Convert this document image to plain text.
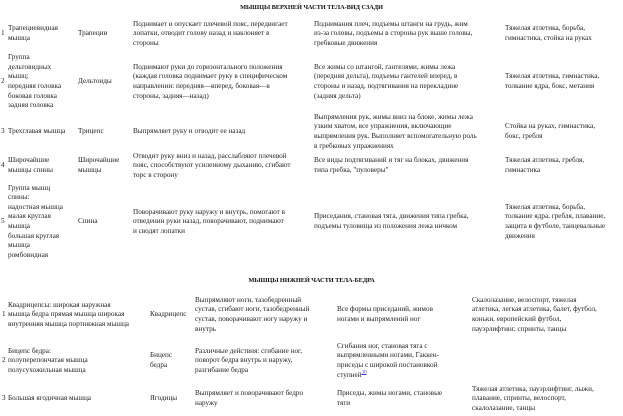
МЫШЦЫ ВЕРХНЕЙ ЧАСТИ ТЕЛА-ВИД СЗАДИ
1
Трапециевидная
мышца
Трапеции
Поднимает и опускает плечевой пояс, передвигает
лопатки, отводит голову назад и наклоняет в
стороны
Поднимания плеч, подъемы штанги на грудь, жим
из-за головы, подъемы в стороны рук выше головы,
гребковые движения
Тяжелая атлетика, борьба,
гимнастика, стойка на руках
2
Группа
дельтовидных
мышц:
передняя головка
боковая головка
задняя головка
Дельтоиды
Поднимают руки до горизонтального положения
(каждая головка поднимает руку в специфическом
направлении: передняя—вперед, боковая—в
стороны, задняя—назад)
Все жимы со штангой, гантелями, жимы лежа
(передняя дельта), подъемы гантелей вперед, в
стороны и назад, подтягивания на перекладине
(задняя дельта)
Тяжелая атлетика, гимнастика,
толкание ядра, бокс, метания
3 Трехглавая мышца Трицепс	Выпрямляет руку и отводит ее назад
Выпрямления рук, жимы вниз на блоке, жимы лежа
узким хватом, все упражнения, включающие
выпрямления рук. Выполняет вспомогательную роль
в гребковых упражнениях
Стойка на руках, гимнастика,
бокс, гребля
4
Широчайшие
мышцы спины
Широчайшие
мышцы
Отводит руку вниз и назад, расслабляют плечевой
пояс, способствуют усиленному дыханию, сгибают
торс в сторону
Все виды подтягиваний и тяг на блоках, движения
типа гребка, "пуловеры"
Тяжелая атлетика, гребля,
гимнастика
5
Группа мышц
спины:
надостная мышца
малая круглая
мышца
большая круглая
мышца
ромбовидная
Спина
Поворачивают руку наружу и внутрь, помогают в
отведении руки назад, поворачивают, поднимают
и сводят лопатки
Приседания, становая тяга, движения типа гребка,
подъемы туловища из положения лежа ничком
Тяжелая атлетика, борьба,
толкание ядра, гребля, плавание,
защита в футболе, танцевальные
движения
МЫШЦЫ НИЖНЕЙ ЧАСТИ ТЕЛА-БЕДРА
1
Квадрицепсы: широкая наружная
мышца бедра прямая мышца широкая
внутренняя мышца портняжная мышца
Квадрицепс
Выпрямляют ноги, тазобедренный
сустав, сгибают ноги, тазобедренный
сустав, поворачивают ногу наружу и
внутрь
Все формы приседаний, жимов
ногами и выпрямлений ног
Скалолазание, велоспорт, тяжелая
атлетика, легкая атлетика, балет, футбол,
коньки, европейский футбол,
пауэрлифтинг, спринты, танцы
2
Бицепс бедра:
полуперепончатая мышца
полусухожильная мышца
Бицепс
бедра
Различные действия: сгибание ног,
поворот бедра внутрь и наружу,
разгибание бедра
Сгибания ног, становая тяга с
выпрямленными ногами, Гаккен-
приседы с широкой постановкой
ступней$^{30}$
3 Большая ягодичная мышца	Ягодицы
Выпрямляет и поворачивают бедро
наружу
Приседы, жимы ногами, становые
тяги
Тяжелая атлетика, пауэрлифтинг, лыжи,
плавание, спринты, велоспорт,
скалолазание, танцы
